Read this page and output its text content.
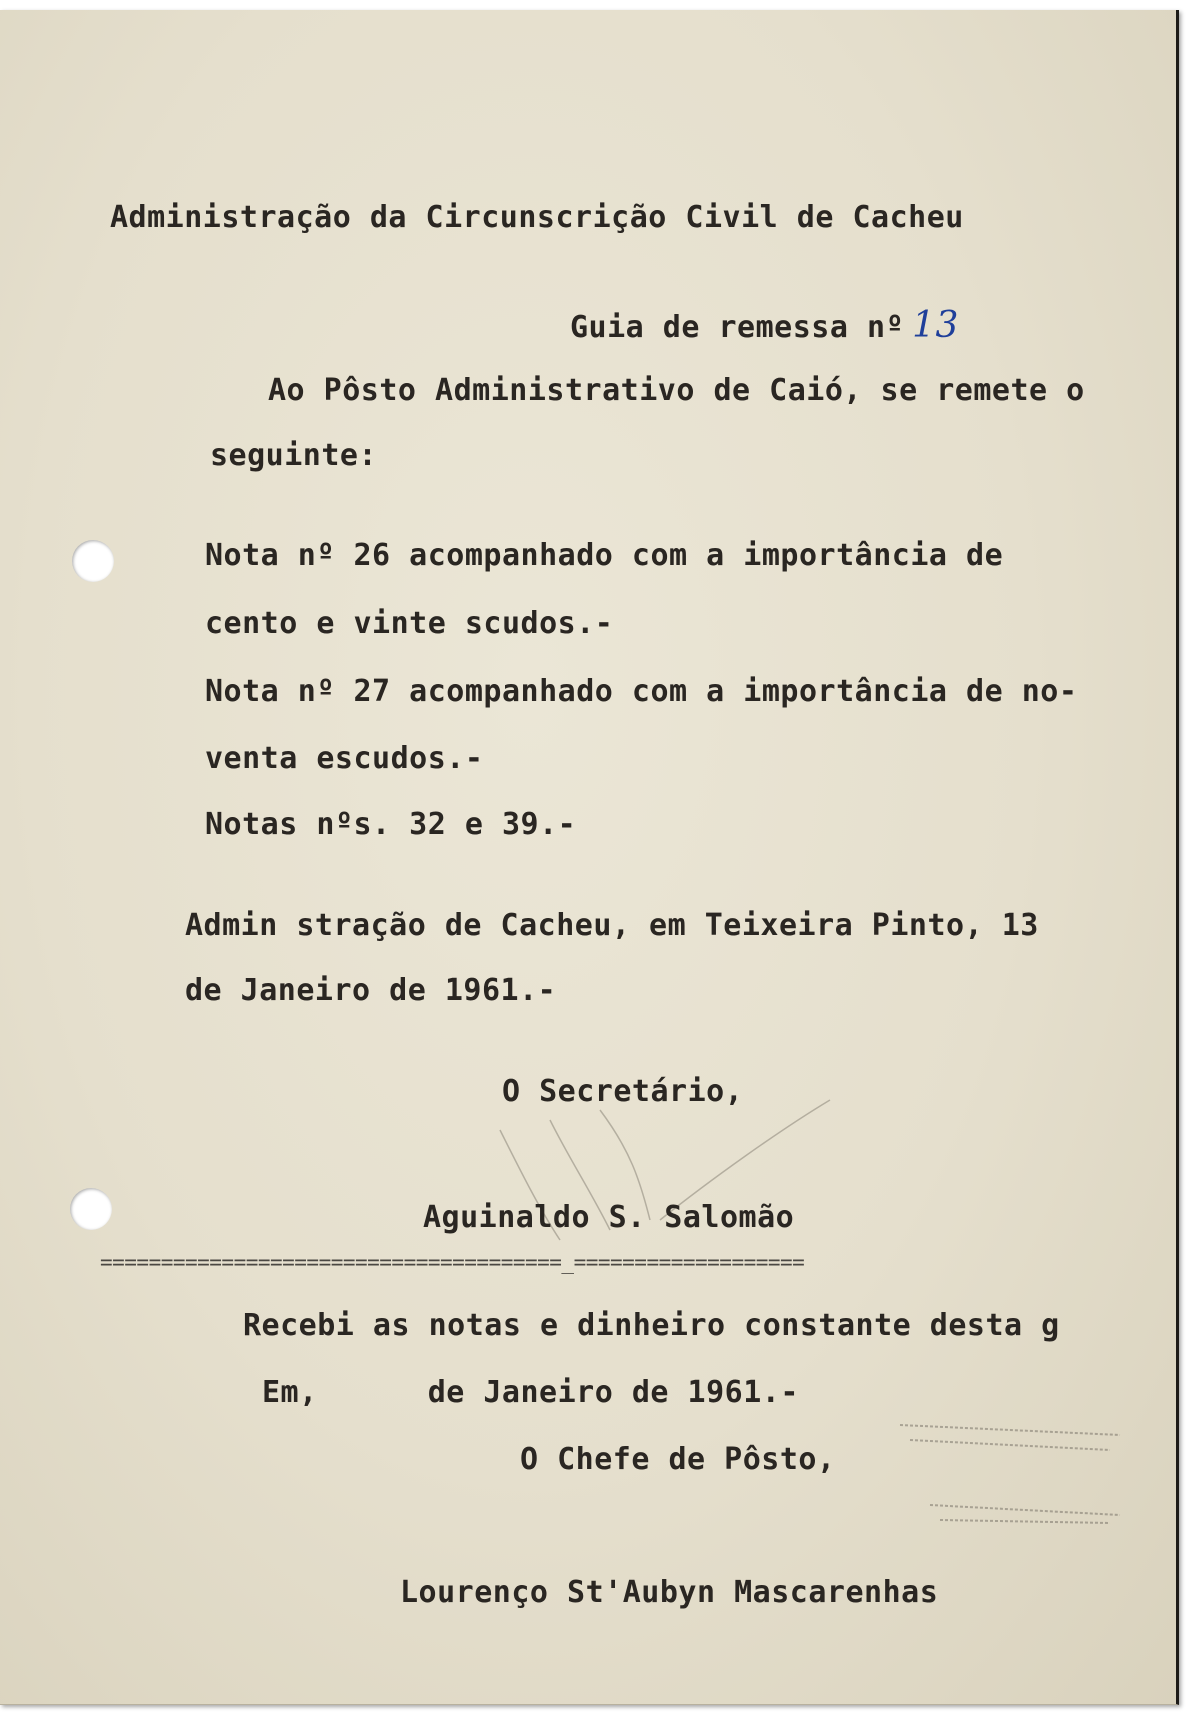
Administração da Circunscrição Civil de Cacheu
Guia de remessa nº 13
Ao Pôsto Administrativo de Caió, se remete o
seguinte:
Nota nº 26 acompanhado com a importância de
cento e vinte scudos.-
Nota nº 27 acompanhado com a importância de no-
venta escudos.-
Notas nºs. 32 e 39.-
Admin stração de Cacheu, em Teixeira Pinto, 13
de Janeiro de 1961.-
O Secretário,
Aguinaldo S. Salomão
======================================_===================
Recebi as notas e dinheiro constante desta g
Em,	de Janeiro de 1961.-
O Chefe de Pôsto,
Lourenço St'Aubyn Mascarenhas
